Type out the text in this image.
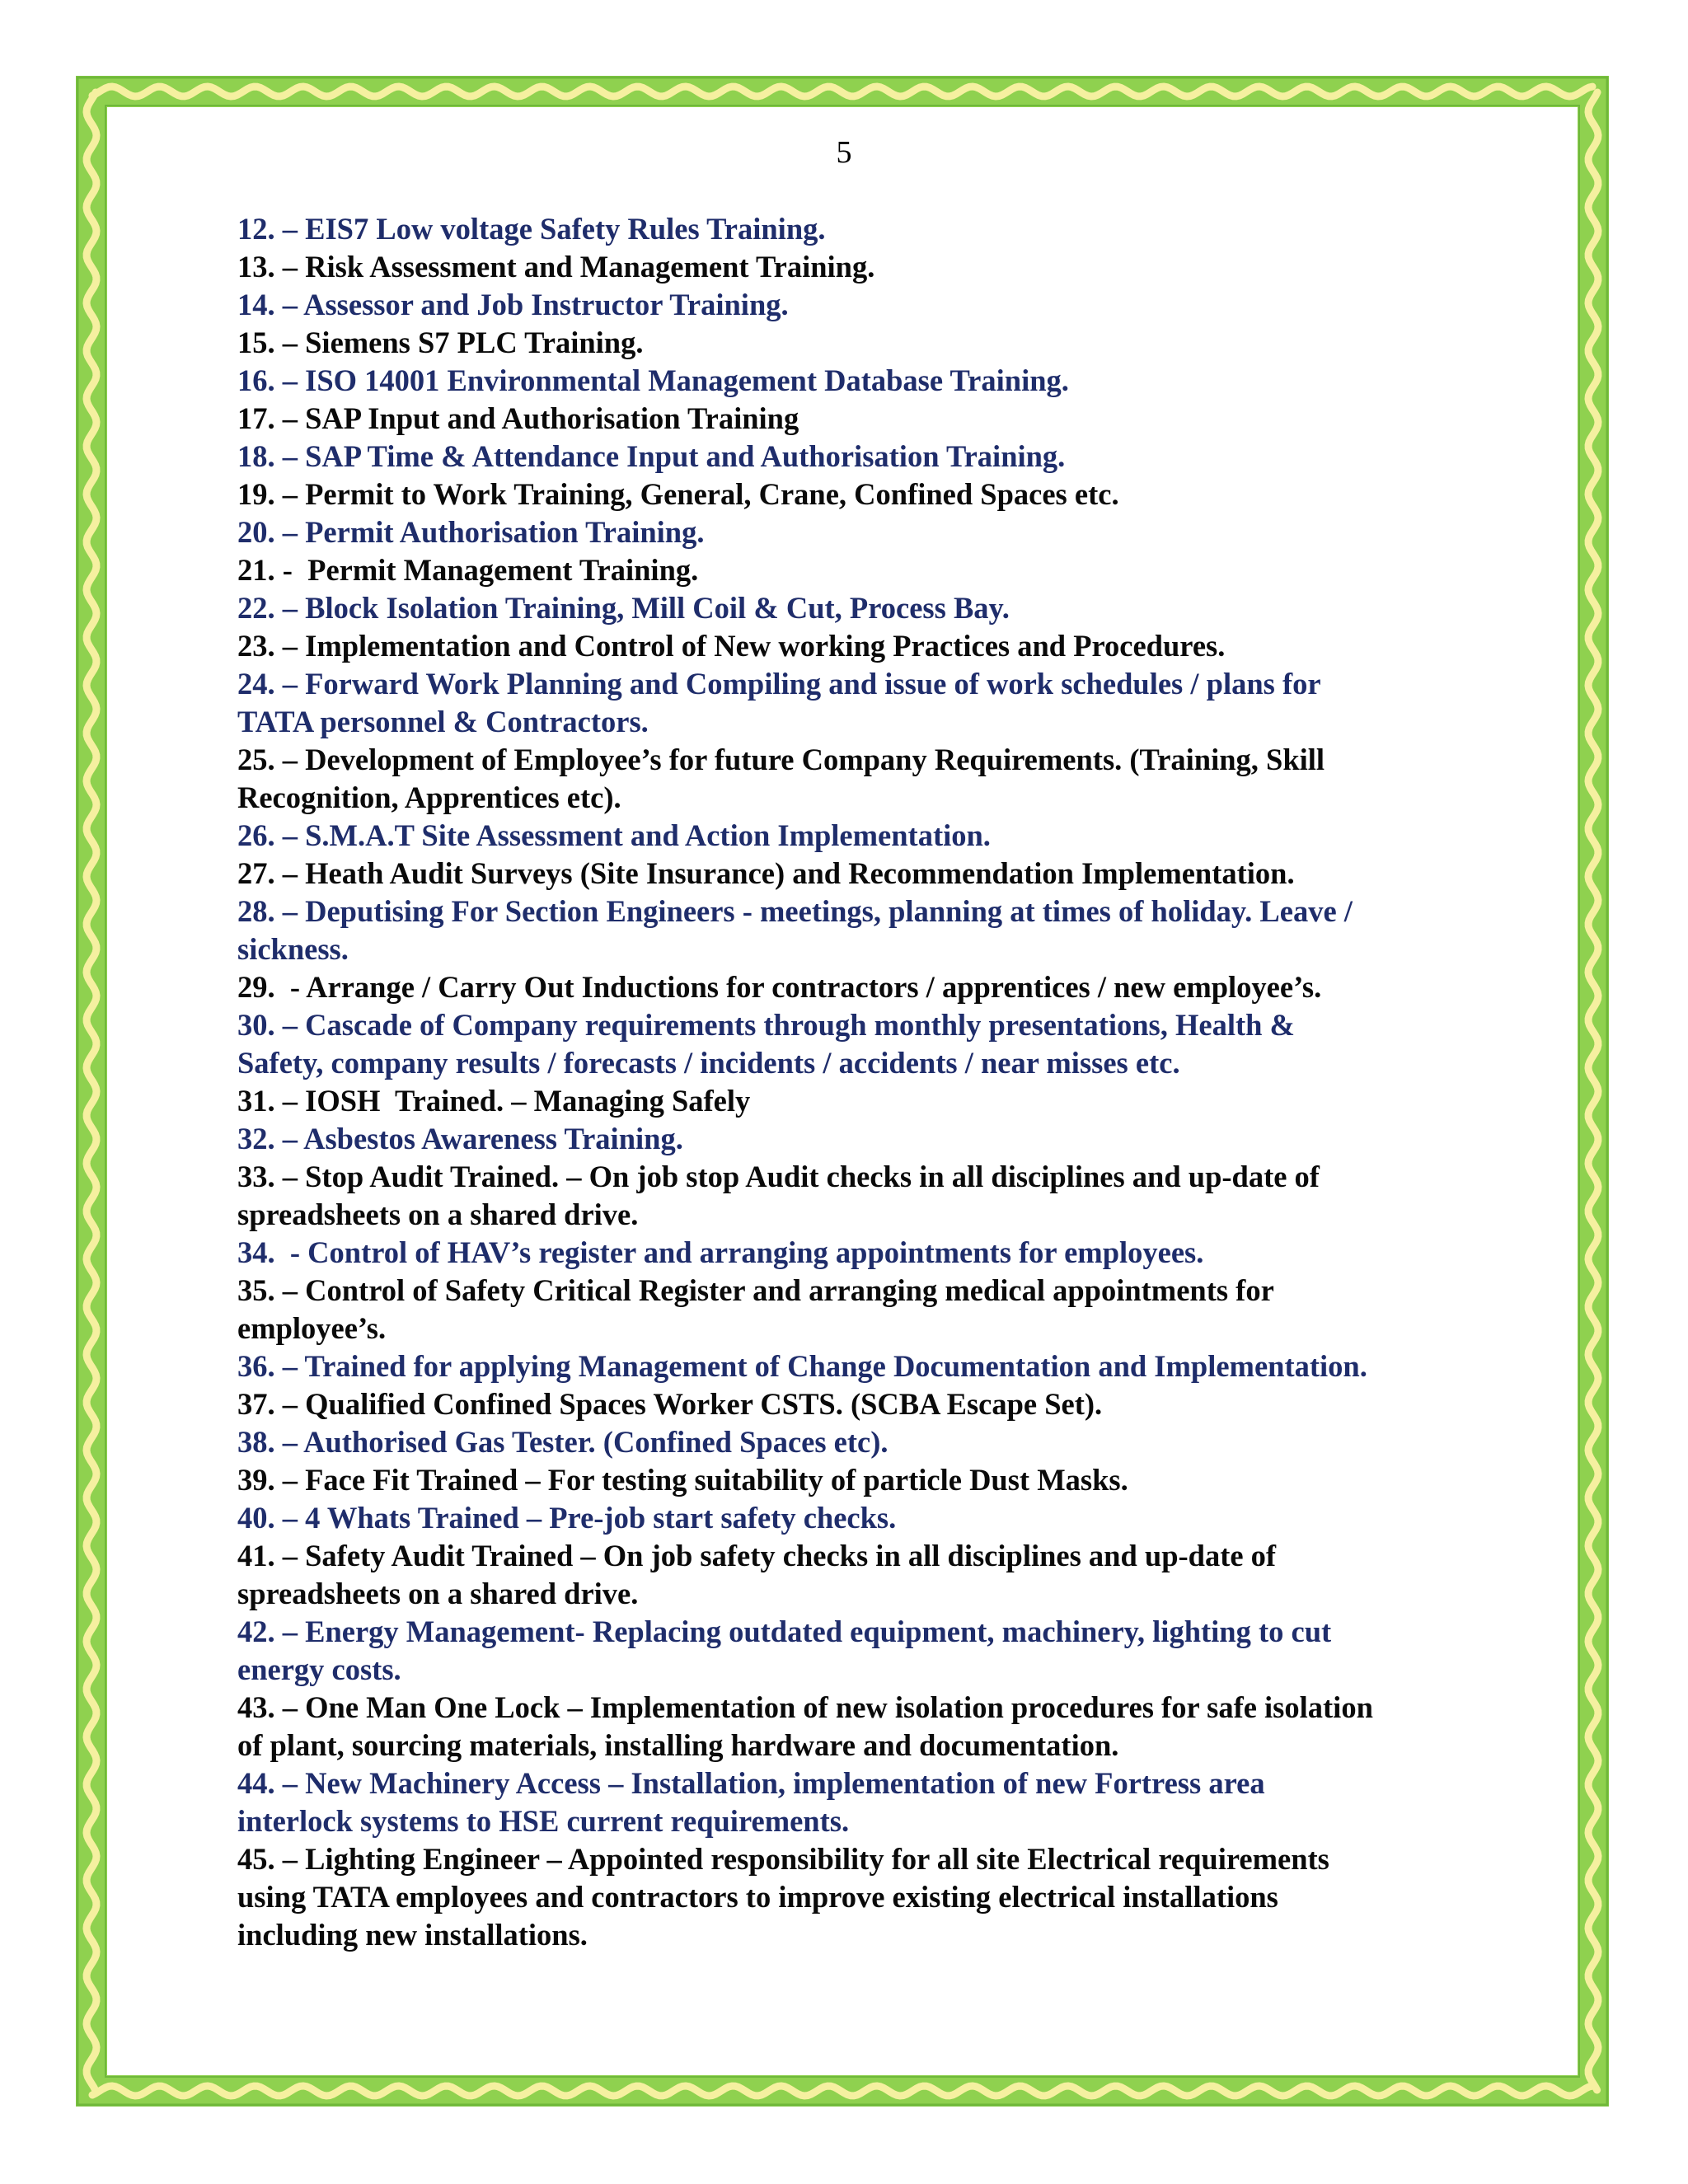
5
12. – EIS7 Low voltage Safety Rules Training.
13. – Risk Assessment and Management Training.
14. – Assessor and Job Instructor Training.
15. – Siemens S7 PLC Training.
16. – ISO 14001 Environmental Management Database Training.
17. – SAP Input and Authorisation Training
18. – SAP Time & Attendance Input and Authorisation Training.
19. – Permit to Work Training, General, Crane, Confined Spaces etc.
20. – Permit Authorisation Training.
21. -  Permit Management Training.
22. – Block Isolation Training, Mill Coil & Cut, Process Bay.
23. – Implementation and Control of New working Practices and Procedures.
24. – Forward Work Planning and Compiling and issue of work schedules / plans for
TATA personnel & Contractors.
25. – Development of Employee’s for future Company Requirements. (Training, Skill
Recognition, Apprentices etc).
26. – S.M.A.T Site Assessment and Action Implementation.
27. – Heath Audit Surveys (Site Insurance) and Recommendation Implementation.
28. – Deputising For Section Engineers - meetings, planning at times of holiday. Leave /
sickness.
29.  - Arrange / Carry Out Inductions for contractors / apprentices / new employee’s.
30. – Cascade of Company requirements through monthly presentations, Health &
Safety, company results / forecasts / incidents / accidents / near misses etc.
31. – IOSH  Trained. – Managing Safely
32. – Asbestos Awareness Training.
33. – Stop Audit Trained. – On job stop Audit checks in all disciplines and up-date of
spreadsheets on a shared drive.
34.  - Control of HAV’s register and arranging appointments for employees.
35. – Control of Safety Critical Register and arranging medical appointments for
employee’s.
36. – Trained for applying Management of Change Documentation and Implementation.
37. – Qualified Confined Spaces Worker CSTS. (SCBA Escape Set).
38. – Authorised Gas Tester. (Confined Spaces etc).
39. – Face Fit Trained – For testing suitability of particle Dust Masks.
40. – 4 Whats Trained – Pre-job start safety checks.
41. – Safety Audit Trained – On job safety checks in all disciplines and up-date of
spreadsheets on a shared drive.
42. – Energy Management- Replacing outdated equipment, machinery, lighting to cut
energy costs.
43. – One Man One Lock – Implementation of new isolation procedures for safe isolation
of plant, sourcing materials, installing hardware and documentation.
44. – New Machinery Access – Installation, implementation of new Fortress area
interlock systems to HSE current requirements.
45. – Lighting Engineer – Appointed responsibility for all site Electrical requirements
using TATA employees and contractors to improve existing electrical installations
including new installations.
